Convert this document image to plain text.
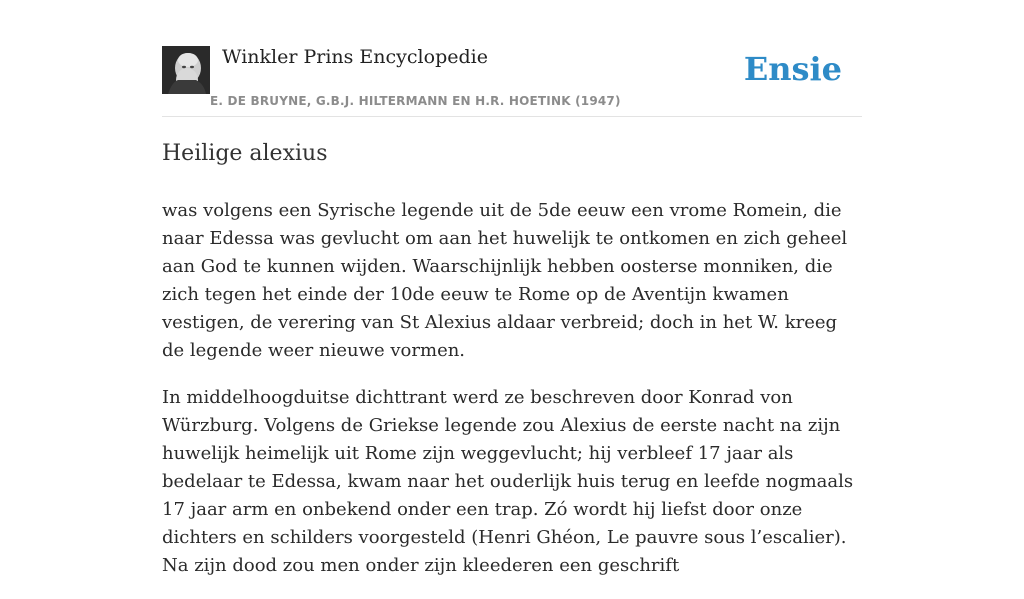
Winkler Prins Encyclopedie
E. DE BRUYNE, G.B.J. HILTERMANN EN H.R. HOETINK (1947)
Ensie
Heilige alexius

was volgens een Syrische legende uit de 5de eeuw een vrome Romein, die naar Edessa was gevlucht om aan het huwelijk te ontkomen en zich geheel aan God te kunnen wijden. Waarschijnlijk hebben oosterse monniken, die zich tegen het einde der 10de eeuw te Rome op de Aventijn kwamen vestigen, de verering van St Alexius aldaar verbreid; doch in het W. kreeg de legende weer nieuwe vormen.

In middelhoogduitse dichttrant werd ze beschreven door Konrad von Würzburg. Volgens de Griekse legende zou Alexius de eerste nacht na zijn huwelijk heimelijk uit Rome zijn weggevlucht; hij verbleef 17 jaar als bedelaar te Edessa, kwam naar het ouderlijk huis terug en leefde nogmaals 17 jaar arm en onbekend onder een trap. Zó wordt hij liefst door onze dichters en schilders voorgesteld (Henri Ghéon, Le pauvre sous l’escalier). Na zijn dood zou men onder zijn kleederen een geschrift
